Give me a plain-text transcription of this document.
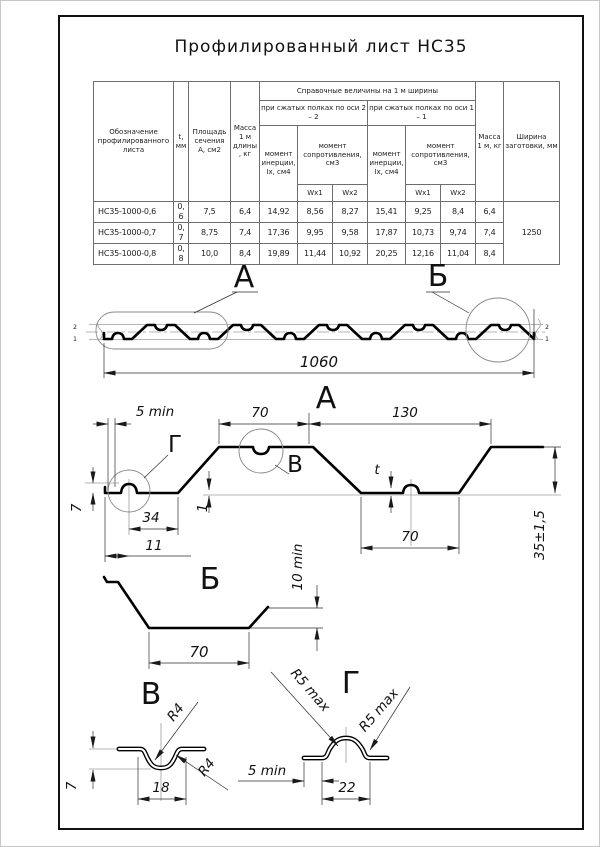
Профилированный лист НС35
Обозначение профилированного листа	t, мм	Площадь сечения А, см2	Масса 1 м длины, кг	Справочные величины на 1 м ширины						Масса 1 м, кг	Ширина заготовки, мм
				при сжатых полках по оси 2 – 2			при сжатых полках по оси 1 – 1				
				момент инерции, Ix, см4	момент сопротивления, см3		момент инерции, Ix, см4	момент сопротивления, см3			
					Wx1	Wx2		Wx1	Wx2		
НС35-1000-0,6	0,6	7,5	6,4	14,92	8,56	8,27	15,41	9,25	8,4	6,4	1250
НС35-1000-0,7	0,7	8,75	7,4	17,36	9,95	9,58	17,87	10,73	9,74	7,4	
НС35-1000-0,8	0,8	10,0	8,4	19,89	11,44	10,92	20,25	12,16	11,04	8,4	
А	Б
2
1
2
1
1060
А
5 min	70	130
Г
В
7	1
34
11
t
70	35±1,5
Б
70
10 min
В
R4
R4
7	18
Г
R5 max R5 max
5 min
22
